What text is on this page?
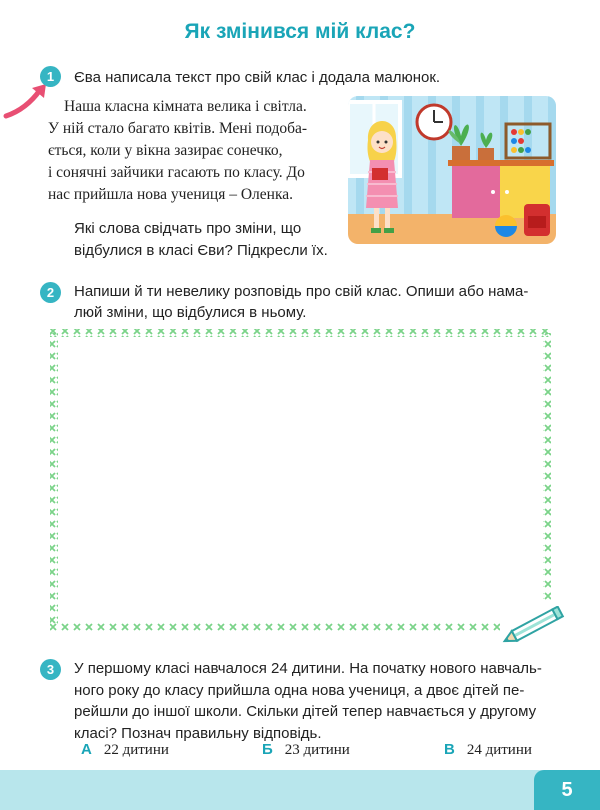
Як змінився мій клас?
1	Єва написала текст про свій клас і додала малюнок.
Наша класна кімната велика і світла.
У ній стало багато квітів. Мені подоба-
ється, коли у вікна зазирає сонечко,
і сонячні зайчики гасають по класу. До
нас прийшла нова учениця – Оленка.
Які слова свідчать про зміни, що
відбулися в класі Єви? Підкресли їх.
2	Напиши й ти невелику розповідь про свій клас. Опиши або нама-
люй зміни, що відбулися в ньому.
3	У першому класі навчалося 24 дитини. На початку нового навчаль-
ного року до класу прийшла одна нова учениця, а двоє дітей пе-
рейшли до іншої школи. Скільки дітей тепер навчається у другому
класі? Познач правильну відповідь.
А 22 дитини	Б 23 дитини	В 24 дитини
5
